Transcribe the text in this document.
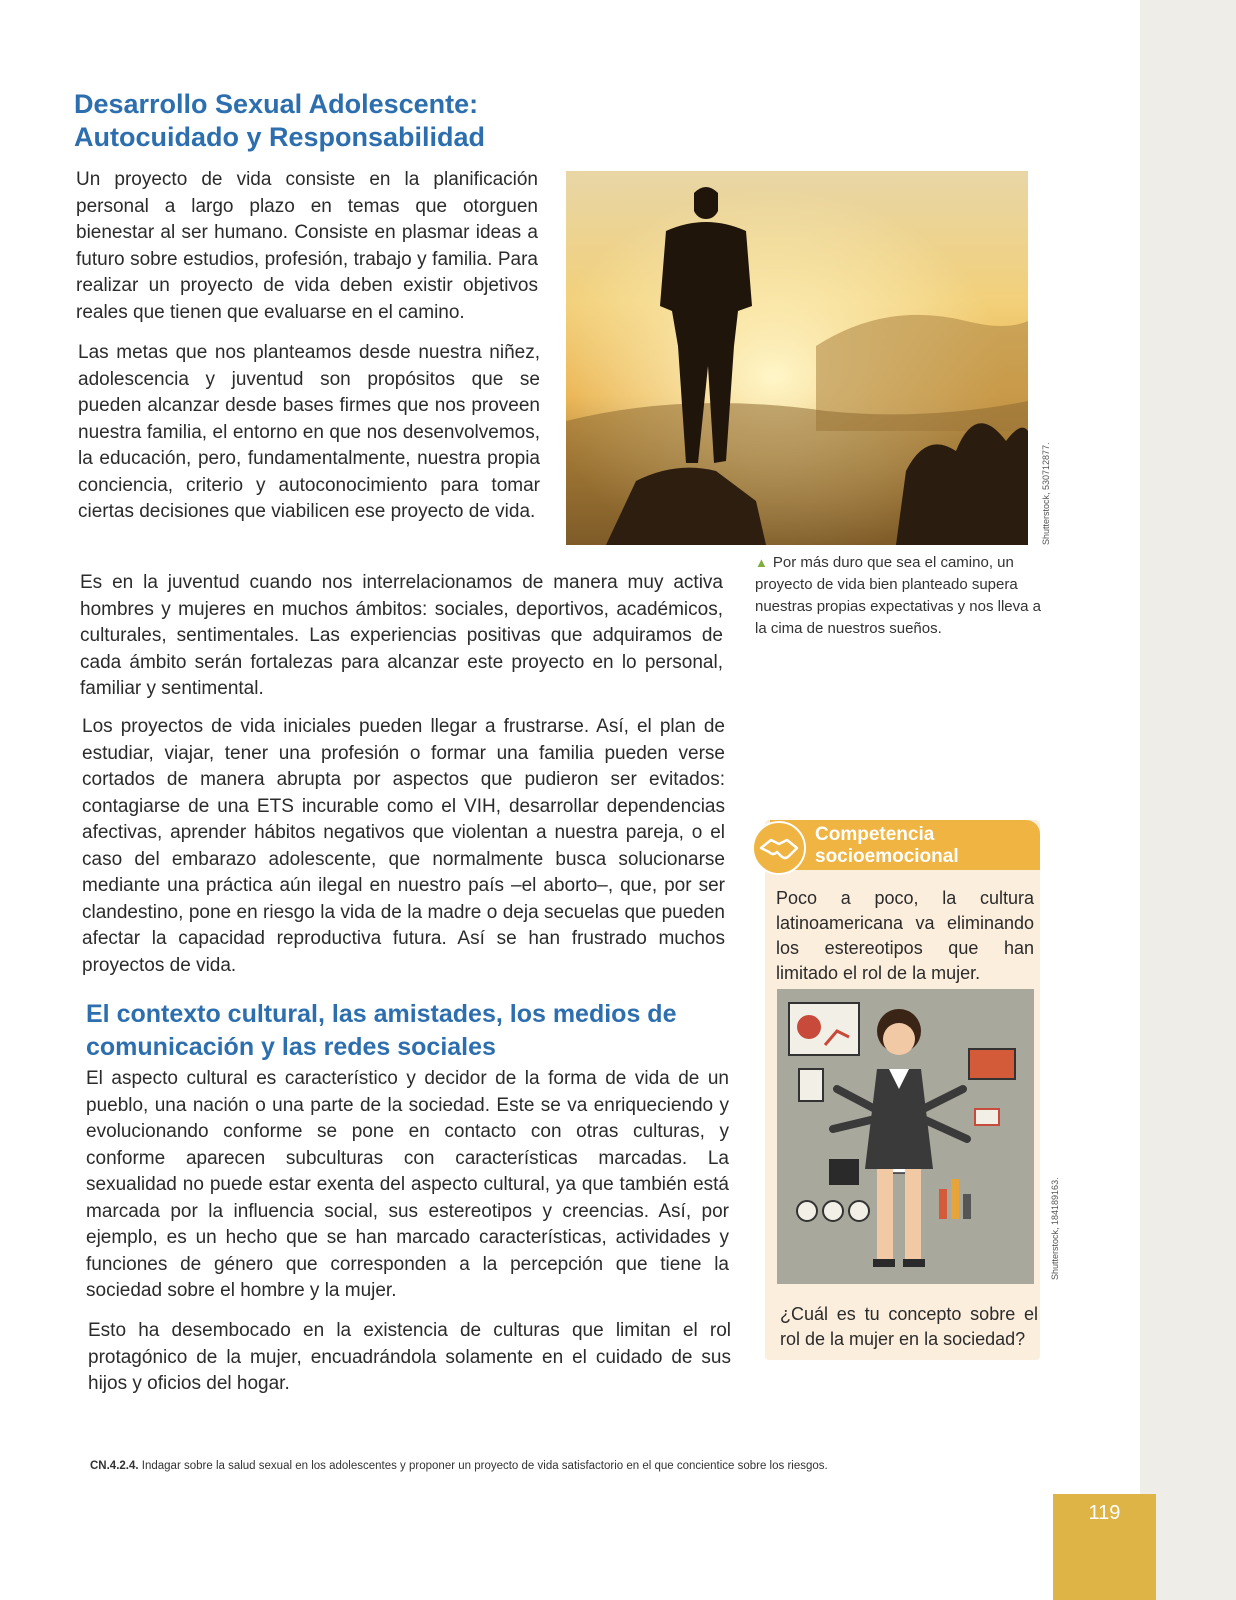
Desarrollo Sexual Adolescente: Autocuidado y Responsabilidad

Un proyecto de vida consiste en la planificación personal a largo plazo en temas que otorguen bienestar al ser humano. Consiste en plasmar ideas a futuro sobre estudios, profesión, trabajo y familia. Para realizar un proyecto de vida deben existir objetivos reales que tienen que evaluarse en el camino.

Las metas que nos planteamos desde nuestra niñez, adolescencia y juventud son propósitos que se pueden alcanzar desde bases firmes que nos proveen nuestra familia, el entorno en que nos desenvolvemos, la educación, pero, fundamentalmente, nuestra propia conciencia, criterio y autoconocimiento para tomar ciertas decisiones que viabilicen ese proyecto de vida.

Es en la juventud cuando nos interrelacionamos de manera muy activa hombres y mujeres en muchos ámbitos: sociales, deportivos, académicos, culturales, sentimentales. Las experiencias positivas que adquiramos de cada ámbito serán fortalezas para alcanzar este proyecto en lo personal, familiar y sentimental.

Los proyectos de vida iniciales pueden llegar a frustrarse. Así, el plan de estudiar, viajar, tener una profesión o formar una familia pueden verse cortados de manera abrupta por aspectos que pudieron ser evitados: contagiarse de una ETS incurable como el VIH, desarrollar dependencias afectivas, aprender hábitos negativos que violentan a nuestra pareja, o el caso del embarazo adolescente, que normalmente busca solucionarse mediante una práctica aún ilegal en nuestro país –el aborto–, que, por ser clandestino, pone en riesgo la vida de la madre o deja secuelas que pueden afectar la capacidad reproductiva futura. Así se han frustrado muchos proyectos de vida.

El contexto cultural, las amistades, los medios de comunicación y las redes sociales

El aspecto cultural es característico y decidor de la forma de vida de un pueblo, una nación o una parte de la sociedad. Este se va enriqueciendo y evolucionando conforme se pone en contacto con otras culturas, y conforme aparecen subculturas con características marcadas. La sexualidad no puede estar exenta del aspecto cultural, ya que también está marcada por la influencia social, sus estereotipos y creencias. Así, por ejemplo, es un hecho que se han marcado características, actividades y funciones de género que corresponden a la percepción que tiene la sociedad sobre el hombre y la mujer.

Esto ha desembocado en la existencia de culturas que limitan el rol protagónico de la mujer, encuadrándola solamente en el cuidado de sus hijos y oficios del hogar.

Shutterstock, 530712877.
▲ Por más duro que sea el camino, un proyecto de vida bien planteado supera nuestras propias expectativas y nos lleva a la cima de nuestros sueños.
Competencia socioemocional

Poco a poco, la cultura latinoamericana va eliminando los estereotipos que han limitado el rol de la mujer.

Shutterstock, 184189163.

¿Cuál es tu concepto sobre el rol de la mujer en la sociedad?

CN.4.2.4. Indagar sobre la salud sexual en los adolescentes y proponer un proyecto de vida satisfactorio en el que concientice sobre los riesgos.
119
